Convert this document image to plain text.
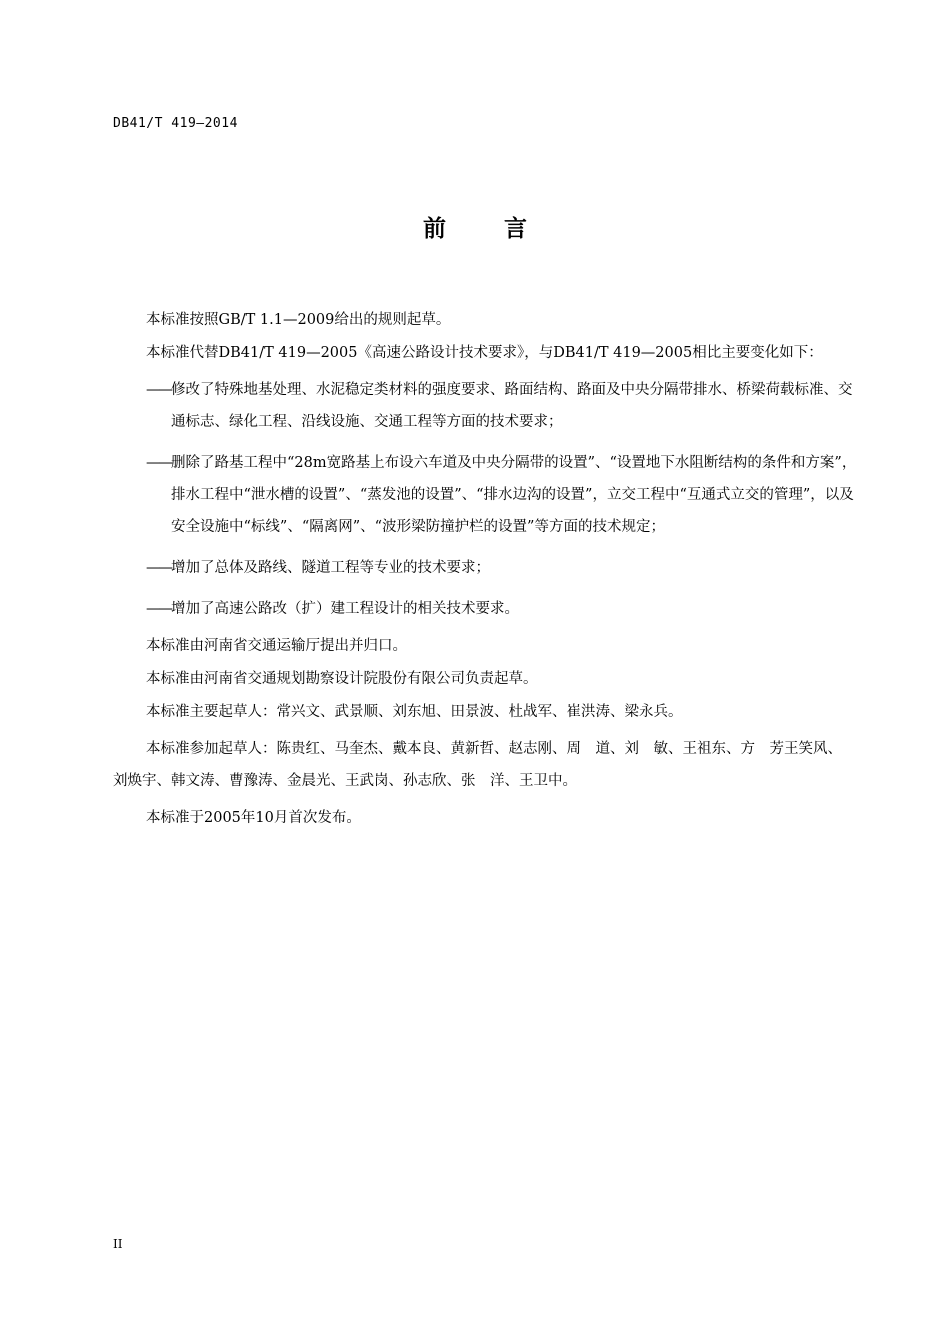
DB41/T 419—2014
前	言

本标准按照GB/T 1.1—2009给出的规则起草。

本标准代替DB41/T 419—2005《高速公路设计技术要求》，与DB41/T 419—2005相比主要变化如下：

—— 修改了特殊地基处理、水泥稳定类材料的强度要求、路面结构、路面及中央分隔带排水、桥梁荷载标准、交通标志、绿化工程、沿线设施、交通工程等方面的技术要求；
—— 删除了路基工程中“28m宽路基上布设六车道及中央分隔带的设置”、“设置地下水阻断结构的条件和方案”，排水工程中“泄水槽的设置”、“蒸发池的设置”、“排水边沟的设置”，立交工程中“互通式立交的管理”，以及安全设施中“标线”、“隔离网”、“波形梁防撞护栏的设置”等方面的技术规定；
—— 增加了总体及路线、隧道工程等专业的技术要求；
—— 增加了高速公路改（扩）建工程设计的相关技术要求。

本标准由河南省交通运输厅提出并归口。

本标准由河南省交通规划勘察设计院股份有限公司负责起草。

本标准主要起草人：常兴文、武景顺、刘东旭、田景波、杜战军、崔洪涛、梁永兵。

本标准参加起草人：陈贵红、马奎杰、戴本良、黄新哲、赵志刚、周　道、刘　敏、王祖东、方　芳王笑风、 刘焕宇、韩文涛、曹豫涛、金晨光、王武岗、孙志欣、张　洋、王卫中。

本标准于2005年10月首次发布。

II
